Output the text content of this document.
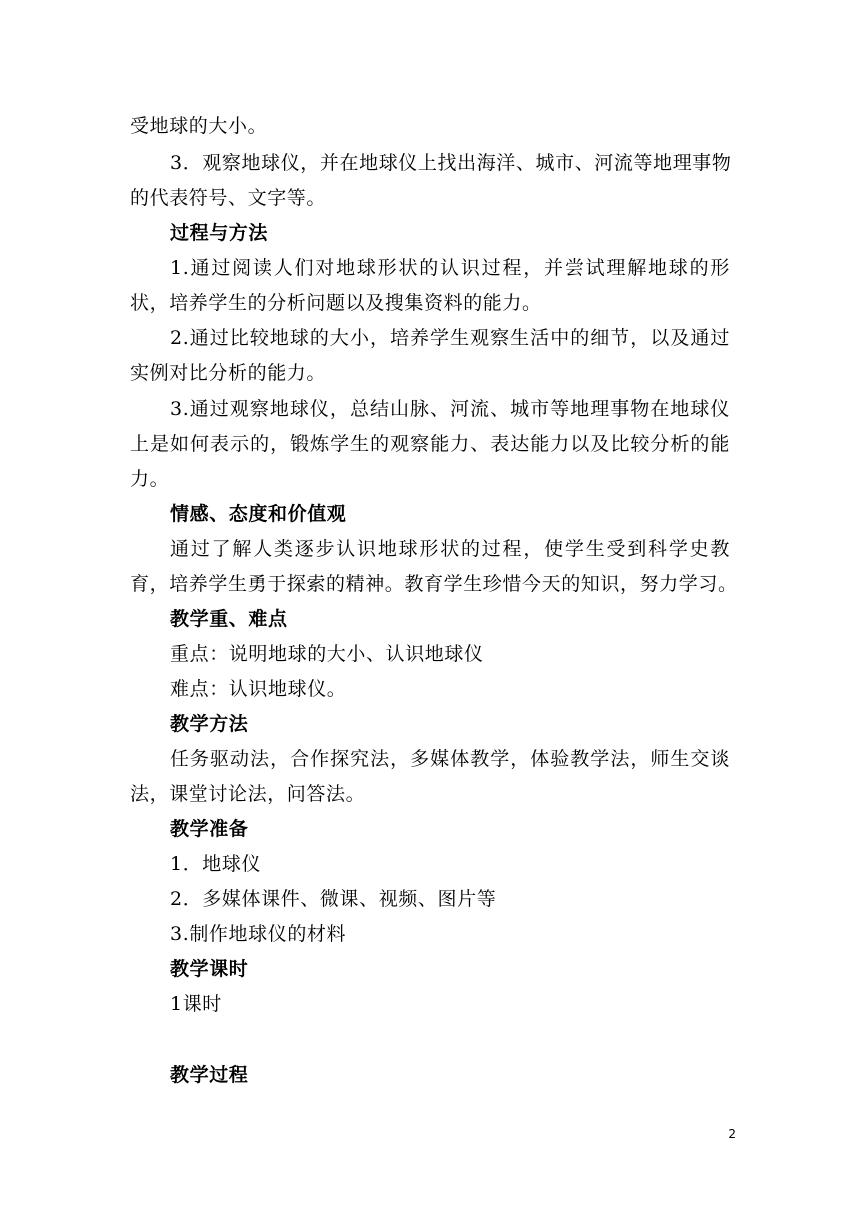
受地球的大小。
3．观察地球仪，并在地球仪上找出海洋、城市、河流等地理事物
的代表符号、文字等。
过程与方法
1.通过阅读人们对地球形状的认识过程，并尝试理解地球的形
状，培养学生的分析问题以及搜集资料的能力。
2.通过比较地球的大小，培养学生观察生活中的细节，以及通过
实例对比分析的能力。
3.通过观察地球仪，总结山脉、河流、城市等地理事物在地球仪
上是如何表示的，锻炼学生的观察能力、表达能力以及比较分析的能
力。
情感、态度和价值观
通过了解人类逐步认识地球形状的过程，使学生受到科学史教
育，培养学生勇于探索的精神。教育学生珍惜今天的知识，努力学习。
教学重、难点
重点：说明地球的大小、认识地球仪
难点：认识地球仪。
教学方法
任务驱动法，合作探究法，多媒体教学，体验教学法，师生交谈
法，课堂讨论法，问答法。
教学准备
1．地球仪
2．多媒体课件、微课、视频、图片等
3.制作地球仪的材料
教学课时
1课时
教学过程
2
